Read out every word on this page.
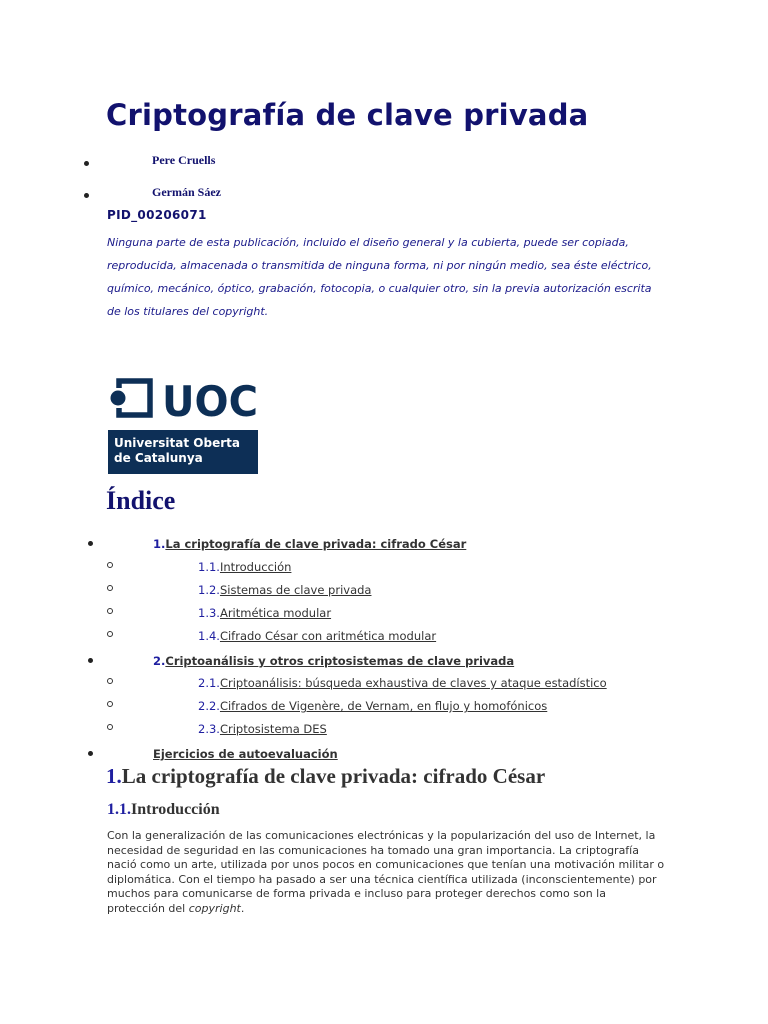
Criptografía de clave privada
Pere Cruells
Germán Sáez
PID_00206071

Ninguna parte de esta publicación, incluido el diseño general y la cubierta, puede ser copiada, reproducida, almacenada o transmitida de ninguna forma, ni por ningún medio, sea éste eléctrico, químico, mecánico, óptico, grabación, fotocopia, o cualquier otro, sin la previa autorización escrita de los titulares del copyright.

UOC

Universitat Oberta
de Catalunya

Índice
1.La criptografía de clave privada: cifrado César
1.1.Introducción
1.2.Sistemas de clave privada
1.3.Aritmética modular
1.4.Cifrado César con aritmética modular
2.Criptoanálisis y otros criptosistemas de clave privada
2.1.Criptoanálisis: búsqueda exhaustiva de claves y ataque estadístico
2.2.Cifrados de Vigenère, de Vernam, en flujo y homofónicos
2.3.Criptosistema DES
Ejercicios de autoevaluación
1.La criptografía de clave privada: cifrado César
1.1.Introducción

Con la generalización de las comunicaciones electrónicas y la popularización del uso de Internet, la necesidad de seguridad en las comunicaciones ha tomado una gran importancia. La criptografía nació como un arte, utilizada por unos pocos en comunicaciones que tenían una motivación militar o diplomática. Con el tiempo ha pasado a ser una técnica científica utilizada (inconscientemente) por muchos para comunicarse de forma privada e incluso para proteger derechos como son la protección del copyright.
